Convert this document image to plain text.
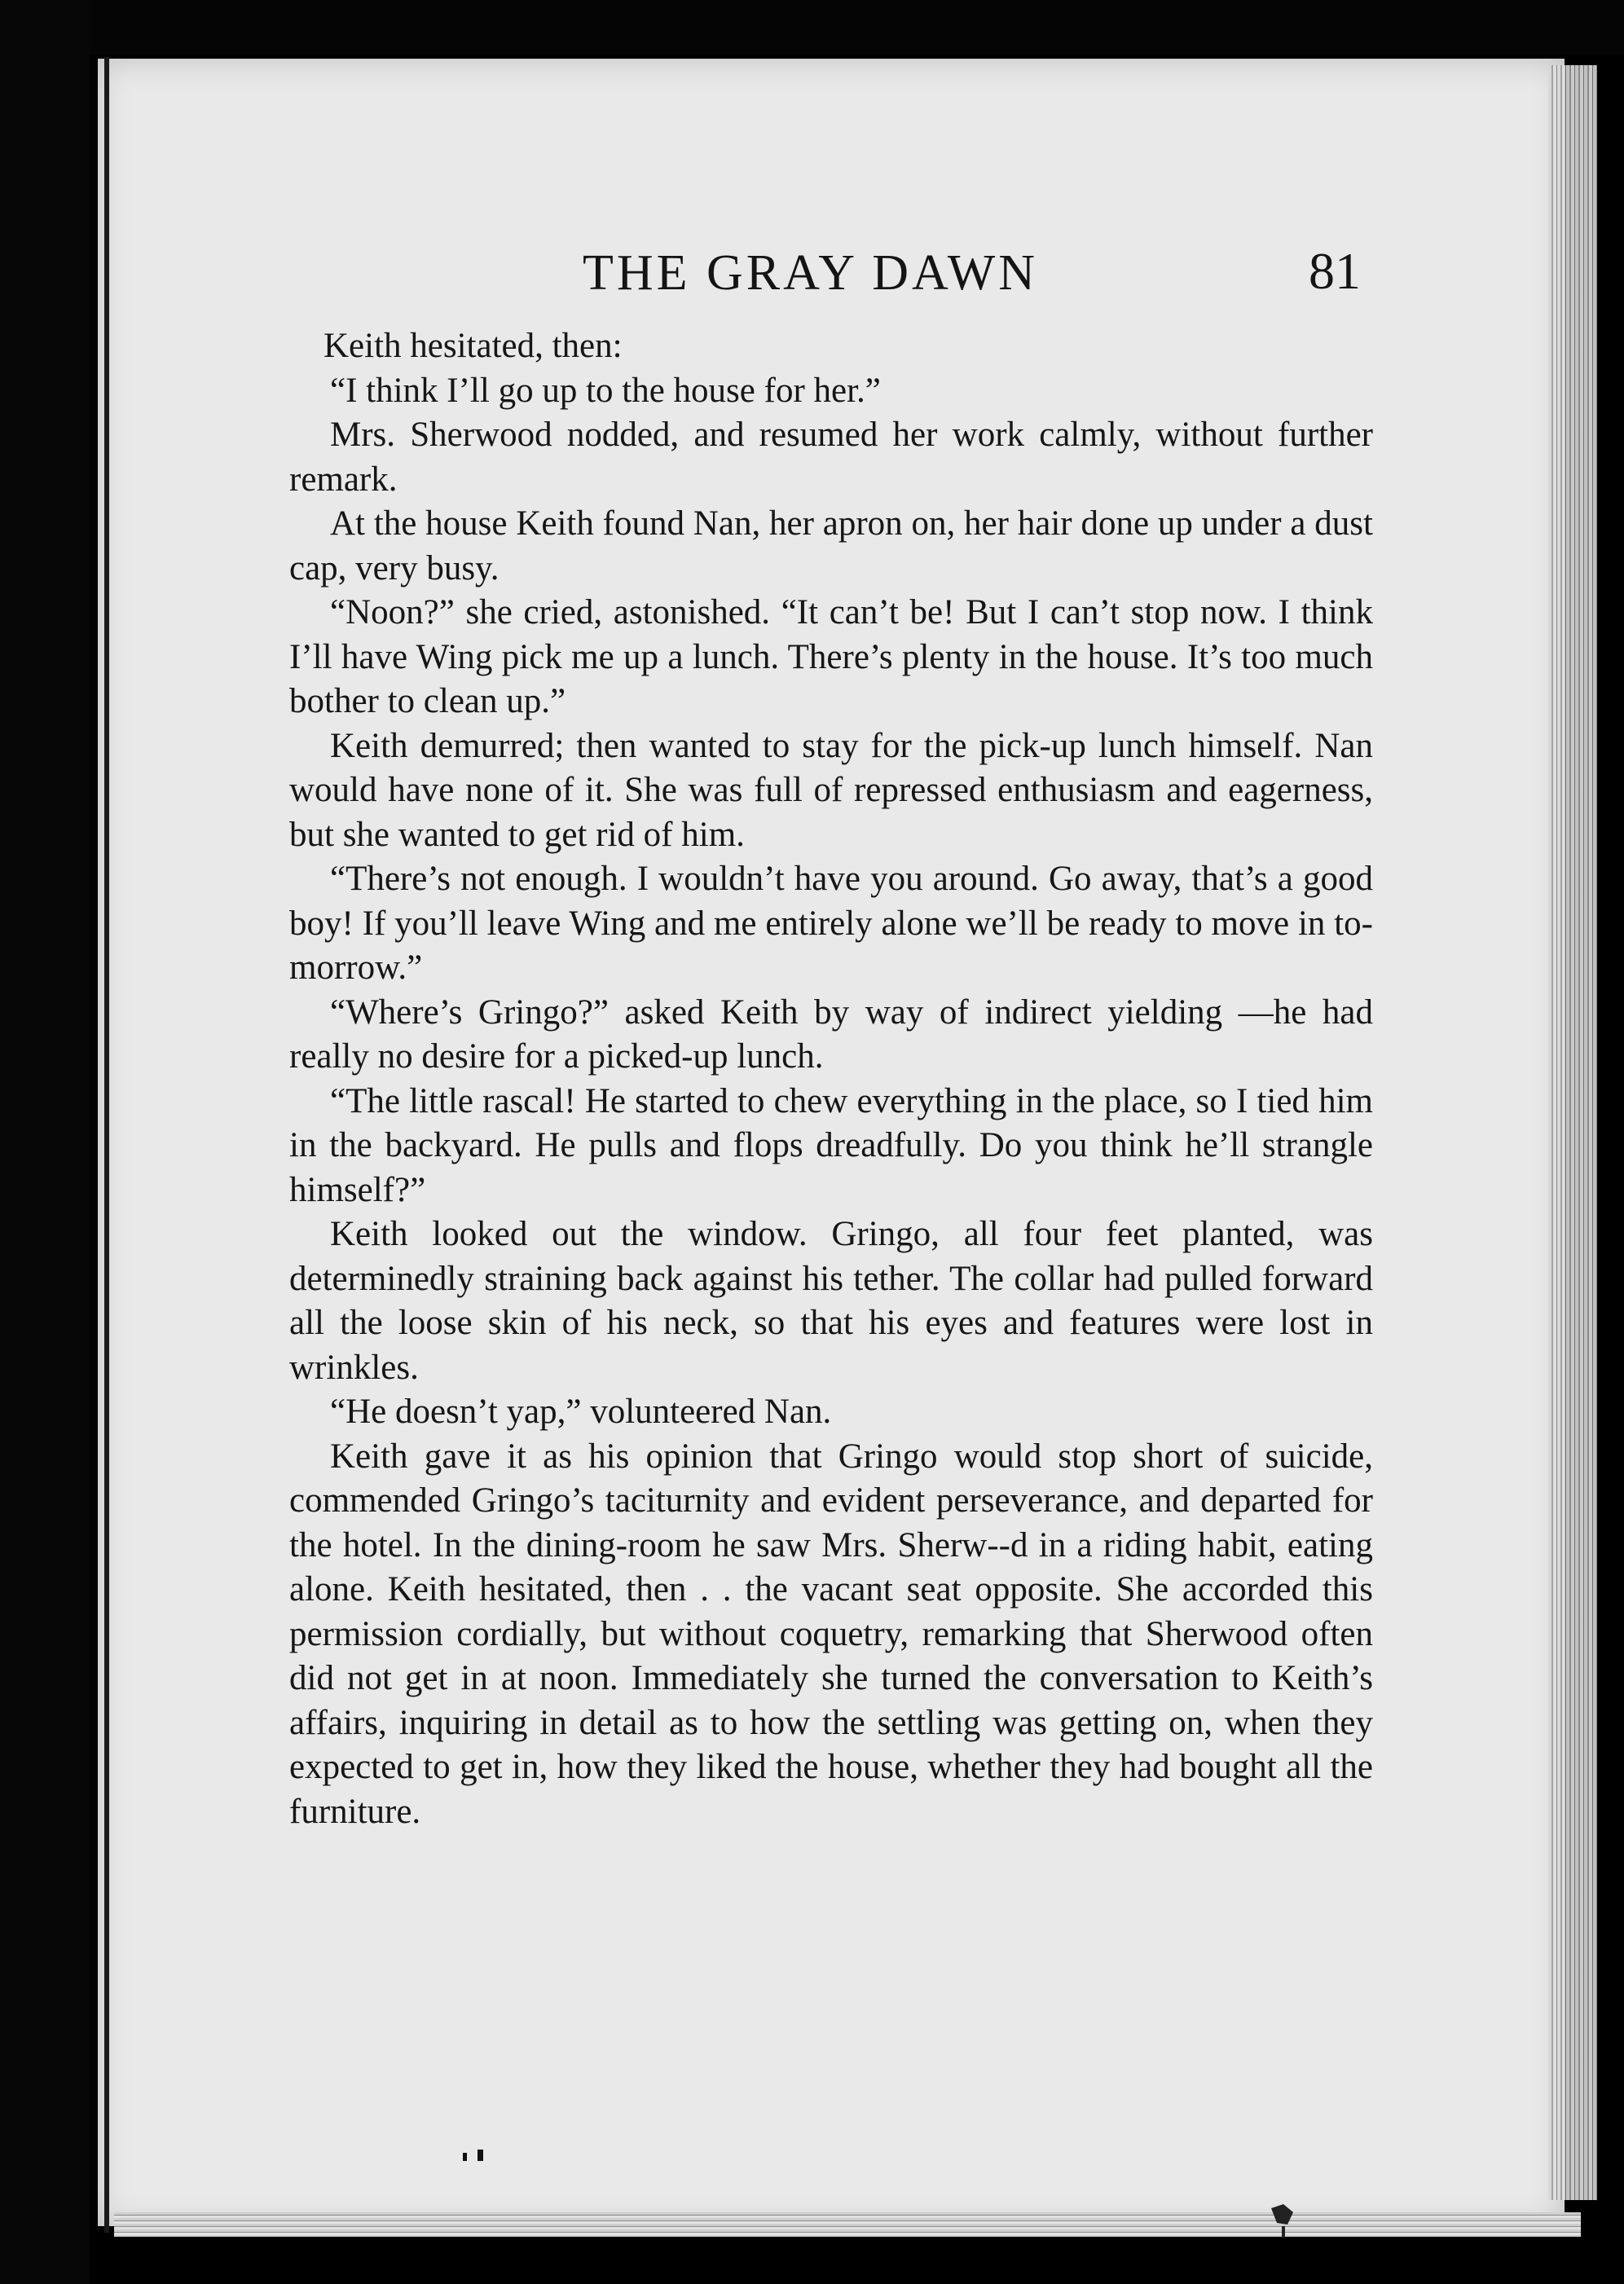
THE GRAY DAWN	81

Keith hesitated, then:

“I think I’ll go up to the house for her.”

Mrs. Sherwood nodded, and resumed her work calmly, without further remark.

At the house Keith found Nan, her apron on, her hair done up under a dust cap, very busy.

“Noon?” she cried, astonished. “It can’t be! But I can’t stop now. I think I’ll have Wing pick me up a lunch. There’s plenty in the house. It’s too much bother to clean up.”

Keith demurred; then wanted to stay for the pick-up lunch himself. Nan would have none of it. She was full of repressed enthusiasm and eagerness, but she wanted to get rid of him.

“There’s not enough. I wouldn’t have you around. Go away, that’s a good boy! If you’ll leave Wing and me entirely alone we’ll be ready to move in to-morrow.”

“Where’s Gringo?” asked Keith by way of indirect yielding —he had really no desire for a picked-up lunch.

“The little rascal! He started to chew everything in the place, so I tied him in the backyard. He pulls and flops dreadfully. Do you think he’ll strangle himself?”

Keith looked out the window. Gringo, all four feet planted, was determinedly straining back against his tether. The collar had pulled forward all the loose skin of his neck, so that his eyes and features were lost in wrinkles.

“He doesn’t yap,” volunteered Nan.

Keith gave it as his opinion that Gringo would stop short of suicide, commended Gringo’s taciturnity and evident perseverance, and departed for the hotel. In the dining-room he saw Mrs. Sherw‑‑d in a riding habit, eating alone. Keith hesitated, then . . the vacant seat opposite. She accorded this permission cordially, but without coquetry, remarking that Sherwood often did not get in at noon. Immediately she turned the conversation to Keith’s affairs, inquiring in detail as to how the settling was getting on, when they expected to get in, how they liked the house, whether they had bought all the furniture.
